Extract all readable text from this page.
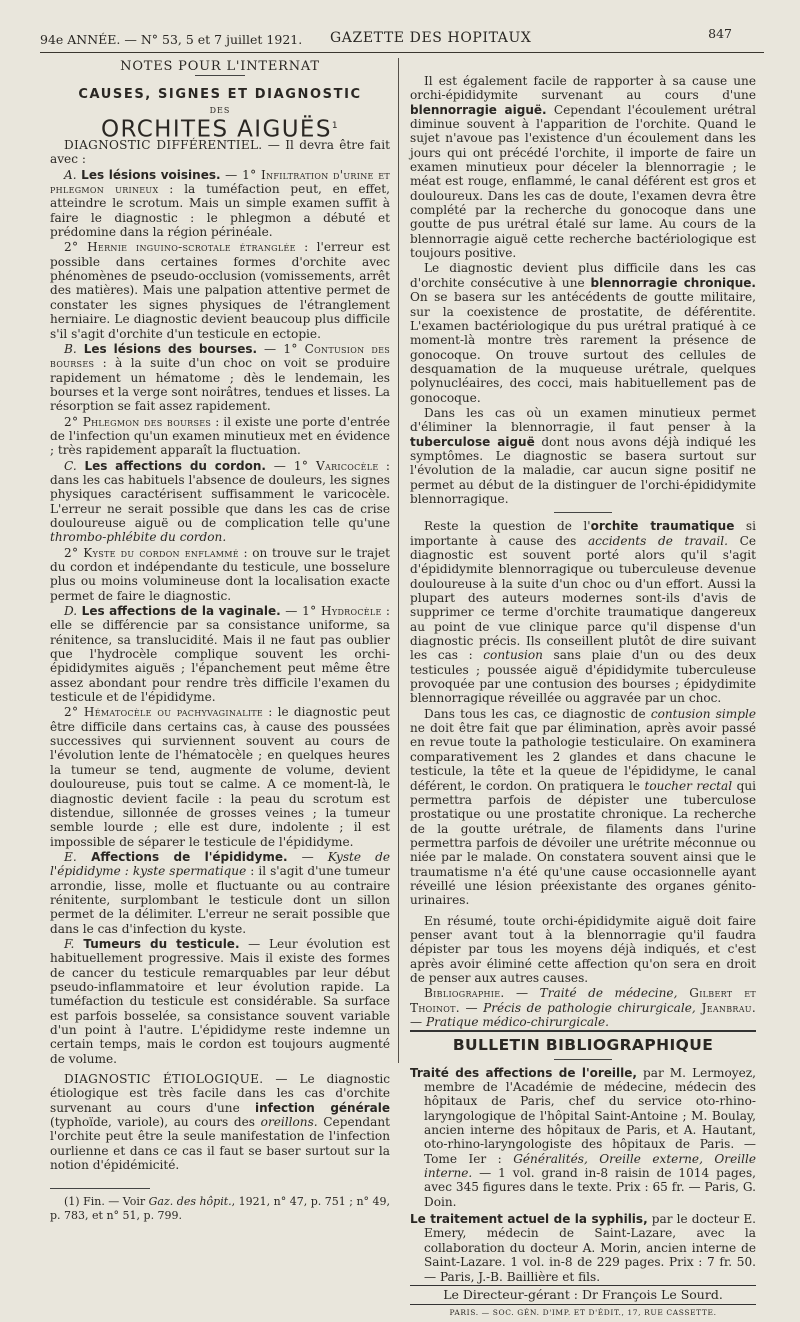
94e ANNÉE. — N° 53, 5 et 7 juillet 1921. GAZETTE DES HOPITAUX	847

NOTES POUR L'INTERNAT

CAUSES, SIGNES ET DIAGNOSTIC

DES

ORCHITES AIGUËS$^1$

DIAGNOSTIC DIFFÉRENTIEL. — Il devra être fait avec :

A. Les lésions voisines. — 1° Infiltration d'urine et phlegmon urineux : la tuméfaction peut, en effet, atteindre le scrotum. Mais un simple examen suffit à faire le diagnostic : le phlegmon a débuté et prédomine dans la région périnéale.

2° Hernie inguino-scrotale étranglée : l'erreur est possible dans certaines formes d'orchite avec phénomènes de pseudo-occlusion (vomissements, arrêt des matières). Mais une palpation attentive permet de constater les signes physiques de l'étranglement herniaire. Le diagnostic devient beaucoup plus difficile s'il s'agit d'orchite d'un testicule en ectopie.

B. Les lésions des bourses. — 1° Contusion des bourses : à la suite d'un choc on voit se produire rapidement un hématome ; dès le lendemain, les bourses et la verge sont noirâtres, tendues et lisses. La résorption se fait assez rapidement.

2° Phlegmon des bourses : il existe une porte d'entrée de l'infection qu'un examen minutieux met en évidence ; très rapidement apparaît la fluctuation.

C. Les affections du cordon. — 1° Varicocèle : dans les cas habituels l'absence de douleurs, les signes physiques caractérisent suffisamment le varicocèle. L'erreur ne serait possible que dans les cas de crise douloureuse aiguë ou de complication telle qu'une thrombo-phlébite du cordon.

2° Kyste du cordon enflammé : on trouve sur le trajet du cordon et indépendante du testicule, une bosselure plus ou moins volumineuse dont la localisation exacte permet de faire le diagnostic.

D. Les affections de la vaginale. — 1° Hydrocèle : elle se différencie par sa consistance uniforme, sa rénitence, sa translucidité. Mais il ne faut pas oublier que l'hydrocèle complique souvent les orchi-épididymites aiguës ; l'épanchement peut même être assez abondant pour rendre très difficile l'examen du testicule et de l'épididyme.

2° Hématocèle ou pachyvaginalite : le diagnostic peut être difficile dans certains cas, à cause des poussées successives qui surviennent souvent au cours de l'évolution lente de l'hématocèle ; en quelques heures la tumeur se tend, augmente de volume, devient douloureuse, puis tout se calme. A ce moment-là, le diagnostic devient facile : la peau du scrotum est distendue, sillonnée de grosses veines ; la tumeur semble lourde ; elle est dure, indolente ; il est impossible de séparer le testicule de l'épididyme.

E. Affections de l'épididyme. — Kyste de l'épididyme : kyste spermatique : il s'agit d'une tumeur arrondie, lisse, molle et fluctuante ou au contraire rénitente, surplombant le testicule dont un sillon permet de la délimiter. L'erreur ne serait possible que dans le cas d'infection du kyste.

F. Tumeurs du testicule. — Leur évolution est habituellement progressive. Mais il existe des formes de cancer du testicule remarquables par leur début pseudo-inflammatoire et leur évolution rapide. La tuméfaction du testicule est considérable. Sa surface est parfois bosselée, sa consistance souvent variable d'un point à l'autre. L'épididyme reste indemne un certain temps, mais le cordon est toujours augmenté de volume.

DIAGNOSTIC ÉTIOLOGIQUE. — Le diagnostic étiologique est très facile dans les cas d'orchite survenant au cours d'une infection générale (typhoïde, variole), au cours des oreillons. Cependant l'orchite peut être la seule manifestation de l'infection ourlienne et dans ce cas il faut se baser surtout sur la notion d'épidémicité.

(1) Fin. — Voir Gaz. des hôpit., 1921, n° 47, p. 751 ; n° 49, p. 783, et n° 51, p. 799.

Il est également facile de rapporter à sa cause une orchi-épididymite survenant au cours d'une blennorragie aiguë. Cependant l'écoulement urétral diminue souvent à l'apparition de l'orchite. Quand le sujet n'avoue pas l'existence d'un écoulement dans les jours qui ont précédé l'orchite, il importe de faire un examen minutieux pour déceler la blennorragie ; le méat est rouge, enflammé, le canal déférent est gros et douloureux. Dans les cas de doute, l'examen devra être complété par la recherche du gonocoque dans une goutte de pus urétral étalé sur lame. Au cours de la blennorragie aiguë cette recherche bactériologique est toujours positive.

Le diagnostic devient plus difficile dans les cas d'orchite consécutive à une blennorragie chronique. On se basera sur les antécédents de goutte militaire, sur la coexistence de prostatite, de déférentite. L'examen bactériologique du pus urétral pratiqué à ce moment-là montre très rarement la présence de gonocoque. On trouve surtout des cellules de desquamation de la muqueuse urétrale, quelques polynucléaires, des cocci, mais habituellement pas de gonocoque.

Dans les cas où un examen minutieux permet d'éliminer la blennorragie, il faut penser à la tuberculose aiguë dont nous avons déjà indiqué les symptômes. Le diagnostic se basera surtout sur l'évolution de la maladie, car aucun signe positif ne permet au début de la distinguer de l'orchi-épididymite blennorragique.

Reste la question de l'orchite traumatique si importante à cause des accidents de travail. Ce diagnostic est souvent porté alors qu'il s'agit d'épididymite blennorragique ou tuberculeuse devenue douloureuse à la suite d'un choc ou d'un effort. Aussi la plupart des auteurs modernes sont-ils d'avis de supprimer ce terme d'orchite traumatique dangereux au point de vue clinique parce qu'il dispense d'un diagnostic précis. Ils conseillent plutôt de dire suivant les cas : contusion sans plaie d'un ou des deux testicules ; poussée aiguë d'épididymite tuberculeuse provoquée par une contusion des bourses ; épidydimite blennorragique réveillée ou aggravée par un choc.

Dans tous les cas, ce diagnostic de contusion simple ne doit être fait que par élimination, après avoir passé en revue toute la pathologie testiculaire. On examinera comparativement les 2 glandes et dans chacune le testicule, la tête et la queue de l'épididyme, le canal déférent, le cordon. On pratiquera le toucher rectal qui permettra parfois de dépister une tuberculose prostatique ou une prostatite chronique. La recherche de la goutte urétrale, de filaments dans l'urine permettra parfois de dévoiler une urétrite méconnue ou niée par le malade. On constatera souvent ainsi que le traumatisme n'a été qu'une cause occasionnelle ayant réveillé une lésion préexistante des organes génito-urinaires.

En résumé, toute orchi-épididymite aiguë doit faire penser avant tout à la blennorragie qu'il faudra dépister par tous les moyens déjà indiqués, et c'est après avoir éliminé cette affection qu'on sera en droit de penser aux autres causes.

Bibliographie. — Traité de médecine, Gilbert et Thoinot. — Précis de pathologie chirurgicale, Jeanbrau. — Pratique médico-chirurgicale.

BULLETIN BIBLIOGRAPHIQUE

Traité des affections de l'oreille, par M. Lermoyez, membre de l'Académie de médecine, médecin des hôpitaux de Paris, chef du service oto-rhino-laryngologique de l'hôpital Saint-Antoine ; M. Boulay, ancien interne des hôpitaux de Paris, et A. Hautant, oto-rhino-laryngologiste des hôpitaux de Paris. — Tome Ier : Généralités, Oreille externe, Oreille interne. — 1 vol. grand in-8 raisin de 1014 pages, avec 345 figures dans le texte. Prix : 65 fr. — Paris, G. Doin.

Le traitement actuel de la syphilis, par le docteur E. Emery, médecin de Saint-Lazare, avec la collaboration du docteur A. Morin, ancien interne de Saint-Lazare. 1 vol. in-8 de 229 pages. Prix : 7 fr. 50. — Paris, J.-B. Baillière et fils.

Le Directeur-gérant : Dr François Le Sourd.

PARIS. — SOC. GÉN. D'IMP. ET D'ÉDIT., 17, RUE CASSETTE.
